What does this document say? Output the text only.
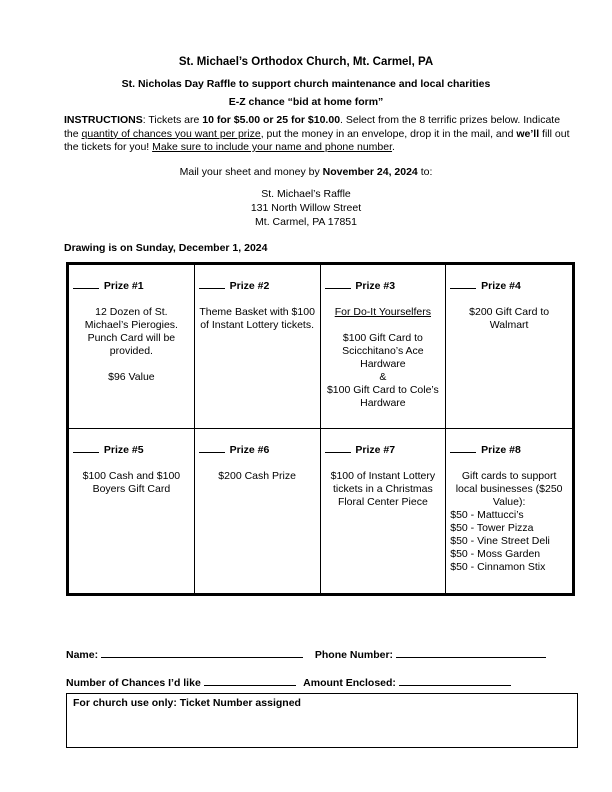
St. Michael’s Orthodox Church, Mt. Carmel, PA
St. Nicholas Day Raffle to support church maintenance and local charities
E-Z chance “bid at home form”
INSTRUCTIONS: Tickets are 10 for $5.00 or 25 for $10.00. Select from the 8 terrific prizes below. Indicate the quantity of chances you want per prize, put the money in an envelope, drop it in the mail, and we’ll fill out the tickets for you! Make sure to include your name and phone number.
Mail your sheet and money by November 24, 2024 to:
St. Michael’s Raffle
131 North Willow Street
Mt. Carmel, PA 17851
Drawing is on Sunday, December 1, 2024
Prize #1
12 Dozen of St. Michael’s Pierogies. Punch Card will be provided.
$96 Value
Prize #2
Theme Basket with $100 of Instant Lottery tickets.
Prize #3
For Do-It Yourselfers
$100 Gift Card to Scicchitano’s Ace Hardware
&
$100 Gift Card to Cole’s Hardware
Prize #4
$200 Gift Card to Walmart
Prize #5
$100 Cash and $100 Boyers Gift Card
Prize #6
$200 Cash Prize
Prize #7
$100 of Instant Lottery tickets in a Christmas Floral Center Piece
Prize #8
Gift cards to support local businesses ($250 Value):
$50 - Mattucci’s
$50 - Tower Pizza
$50 - Vine Street Deli
$50 - Moss Garden
$50 - Cinnamon Stix
Name:	Phone Number:
Number of Chances I’d like	Amount Enclosed:
For church use only: Ticket Number assigned
